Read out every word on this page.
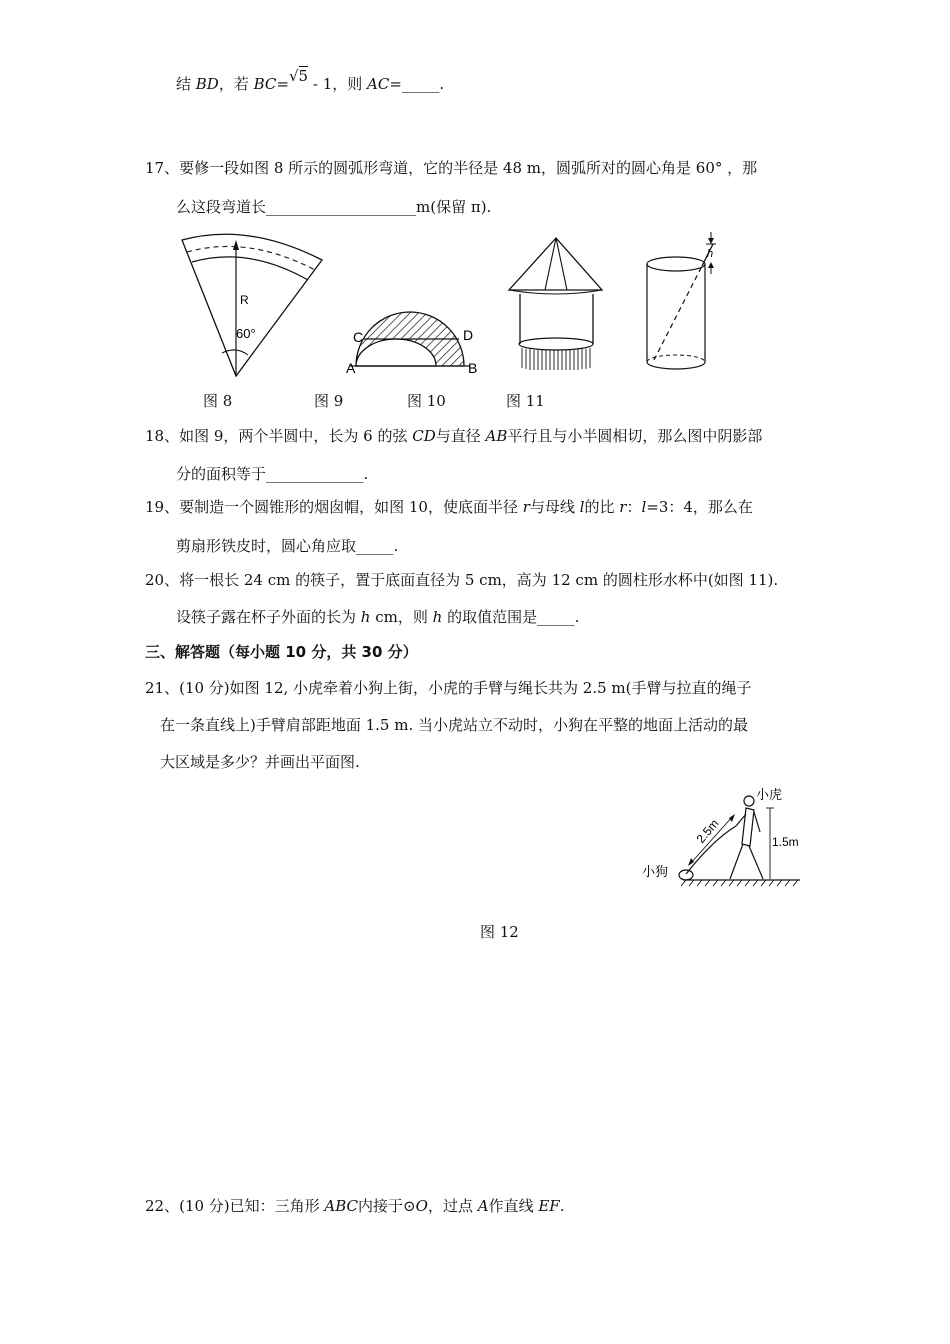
结 BD，若 BC=√5 - 1，则 AC=_____.
17、要修一段如图 8 所示的圆弧形弯道，它的半径是 48 m，圆弧所对的圆心角是 60° ，那
么这段弯道长____________________m(保留 π).
R
60°	C	D
A	B
h
图 8	图 9	图 10	图 11
18、如图 9，两个半圆中，长为 6 的弦 CD与直径 AB平行且与小半圆相切，那么图中阴影部
分的面积等于_____________.
19、要制造一个圆锥形的烟囱帽，如图 10，使底面半径 r与母线 l的比 r：l=3：4，那么在
剪扇形铁皮时，圆心角应取_____.
20、将一根长 24 cm 的筷子，置于底面直径为 5 cm，高为 12 cm 的圆柱形水杯中(如图 11).
设筷子露在杯子外面的长为 h cm，则 h 的取值范围是_____.
三、解答题（每小题 10 分，共 30 分）
21、(10 分)如图 12, 小虎牵着小狗上街，小虎的手臂与绳长共为 2.5 m(手臂与拉直的绳子
在一条直线上)手臂肩部距地面 1.5 m. 当小虎站立不动时，小狗在平整的地面上活动的最
大区域是多少？并画出平面图.
2.5m	1.5m
小虎
小狗
图 12
22、(10 分)已知：三角形 ABC内接于⊙O，过点 A作直线 EF.
